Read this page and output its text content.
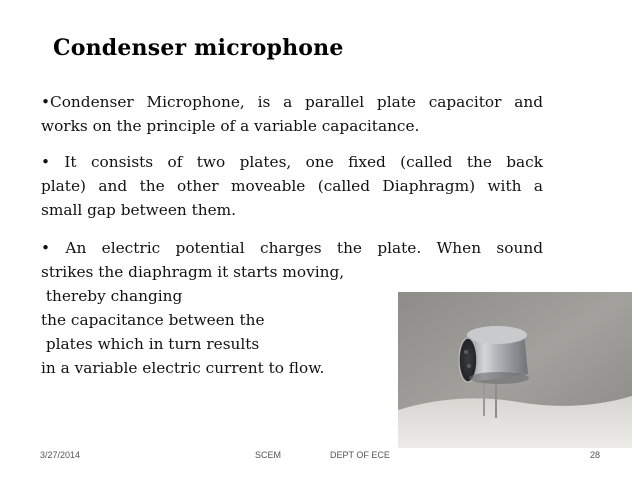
Condenser microphone
•Condenser Microphone, is a parallel plate capacitor and
works on the principle of a variable capacitance.
• It consists of two plates, one fixed (called the back
plate) and the other moveable (called Diaphragm) with a
small gap between them.
• An electric potential charges the plate. When sound
strikes the diaphragm it starts moving,
thereby changing
the capacitance between the
plates which in turn results
in a variable electric current to flow.
3/27/2014	SCEM	DEPT OF ECE	28
